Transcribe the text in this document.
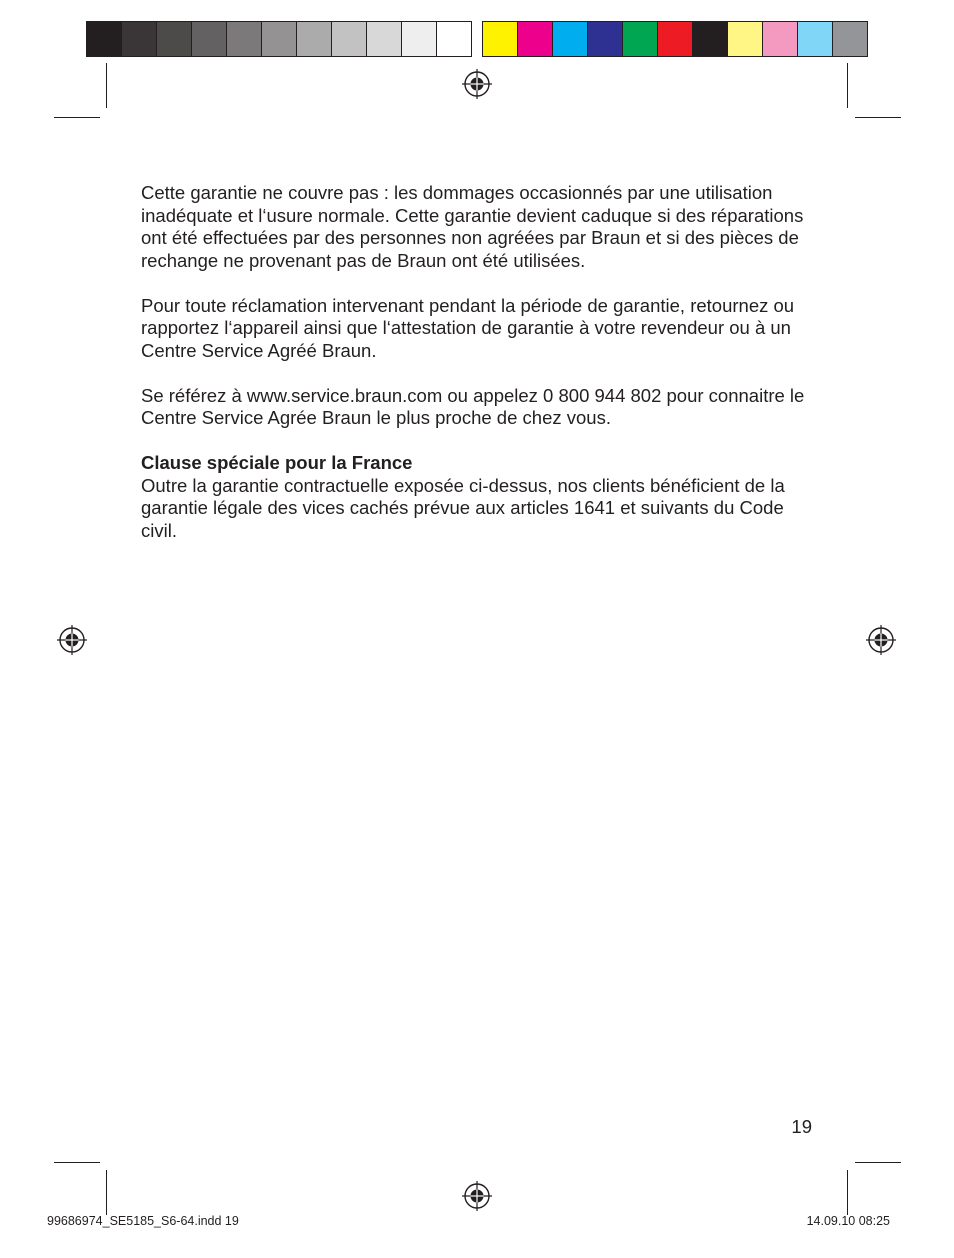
Cette garantie ne couvre pas : les dommages occasionnés par une utilisation inadéquate et l‘usure normale. Cette garantie devient caduque si des réparations ont été effectuées par des personnes non agréées par Braun et si des pièces de rechange ne provenant pas de Braun ont été utilisées.

Pour toute réclamation intervenant pendant la période de garantie, retournez ou rapportez l‘appareil ainsi que l‘attestation de garantie à votre revendeur ou à un Centre Service Agréé Braun.

Se référez à www.service.braun.com ou appelez 0 800 944 802 pour connaitre le Centre Service Agrée Braun le plus proche de chez vous.

Clause spéciale pour la France

Outre la garantie contractuelle exposée ci-dessus, nos clients bénéficient de la garantie légale des vices cachés prévue aux articles 1641 et suivants du Code civil.

19
99686974_SE5185_S6-64.indd 19	14.09.10 08:25
